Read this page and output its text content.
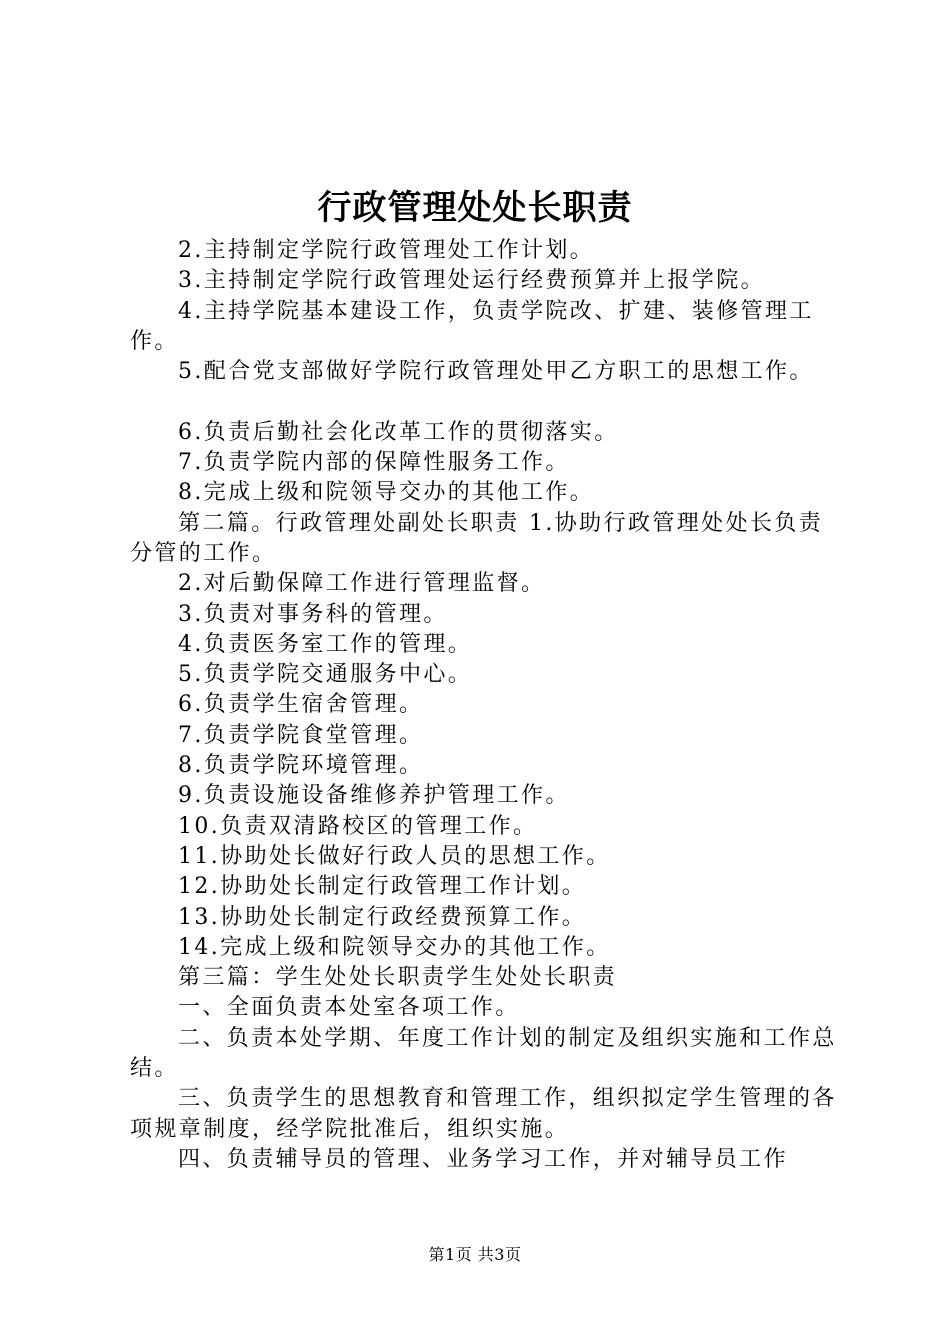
行政管理处处长职责

2.主持制定学院行政管理处工作计划。

3.主持制定学院行政管理处运行经费预算并上报学院。

4.主持学院基本建设工作，负责学院改、扩建、装修管理工作。

5.配合党支部做好学院行政管理处甲乙方职工的思想工作。

6.负责后勤社会化改革工作的贯彻落实。

7.负责学院内部的保障性服务工作。

8.完成上级和院领导交办的其他工作。

第二篇。行政管理处副处长职责 1.协助行政管理处处长负责分管的工作。

2.对后勤保障工作进行管理监督。

3.负责对事务科的管理。

4.负责医务室工作的管理。

5.负责学院交通服务中心。

6.负责学生宿舍管理。

7.负责学院食堂管理。

8.负责学院环境管理。

9.负责设施设备维修养护管理工作。

10.负责双清路校区的管理工作。

11.协助处长做好行政人员的思想工作。

12.协助处长制定行政管理工作计划。

13.协助处长制定行政经费预算工作。

14.完成上级和院领导交办的其他工作。

第三篇：学生处处长职责学生处处长职责

一、全面负责本处室各项工作。

二、负责本处学期、年度工作计划的制定及组织实施和工作总结。

三、负责学生的思想教育和管理工作，组织拟定学生管理的各项规章制度，经学院批准后，组织实施。

四、负责辅导员的管理、业务学习工作，并对辅导员工作

第1页 共3页
